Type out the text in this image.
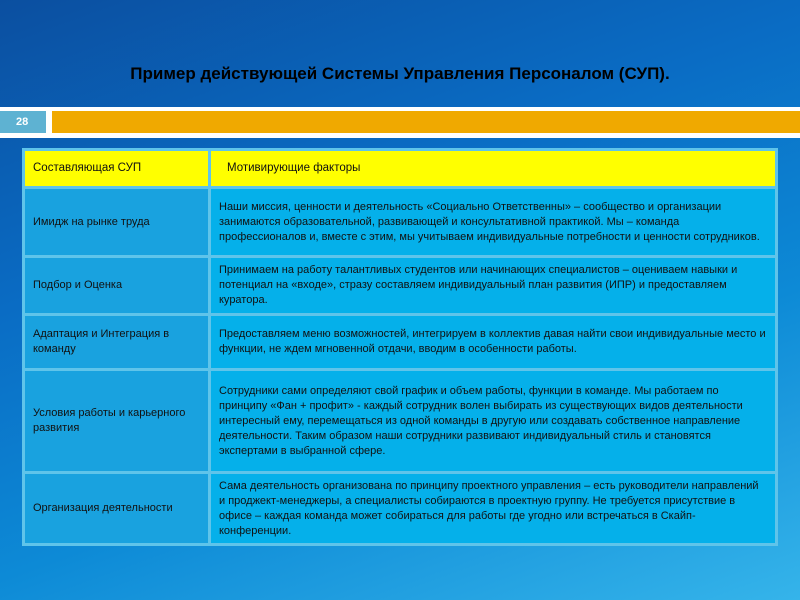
Пример действующей Системы Управления Персоналом (СУП).
28
Составляющая СУП	Мотивирующие факторы
Имидж на рынке труда	Наши миссия, ценности и деятельность «Социально Ответственны» – сообщество и организации занимаются образовательной, развивающей и консультативной практикой. Мы – команда профессионалов и, вместе с этим, мы учитываем индивидуальные потребности и ценности сотрудников.
Подбор и Оценка	Принимаем на работу талантливых студентов или начинающих специалистов – оцениваем навыки и потенциал на «входе», стразу составляем индивидуальный план развития (ИПР) и предоставляем куратора.
Адаптация и Интеграция в команду	Предоставляем меню возможностей, интегрируем в коллектив давая найти свои индивидуальные место и функции, не ждем мгновенной отдачи, вводим в особенности работы.
Условия работы и карьерного развития	Сотрудники сами определяют свой график и объем работы, функции в команде. Мы работаем по принципу «Фан + профит» - каждый сотрудник волен выбирать из существующих видов деятельности интересный ему, перемещаться из одной команды в другую или создавать собственное направление деятельности. Таким образом наши сотрудники развивают индивидуальный стиль и становятся экспертами в выбранной сфере.
Организация деятельности	Сама деятельность организована по принципу проектного управления – есть руководители направлений и проджект-менеджеры, а специалисты собираются в проектную группу. Не требуется присутствие в офисе – каждая команда может собираться для работы где угодно или встречаться в Скайп-конференции.
